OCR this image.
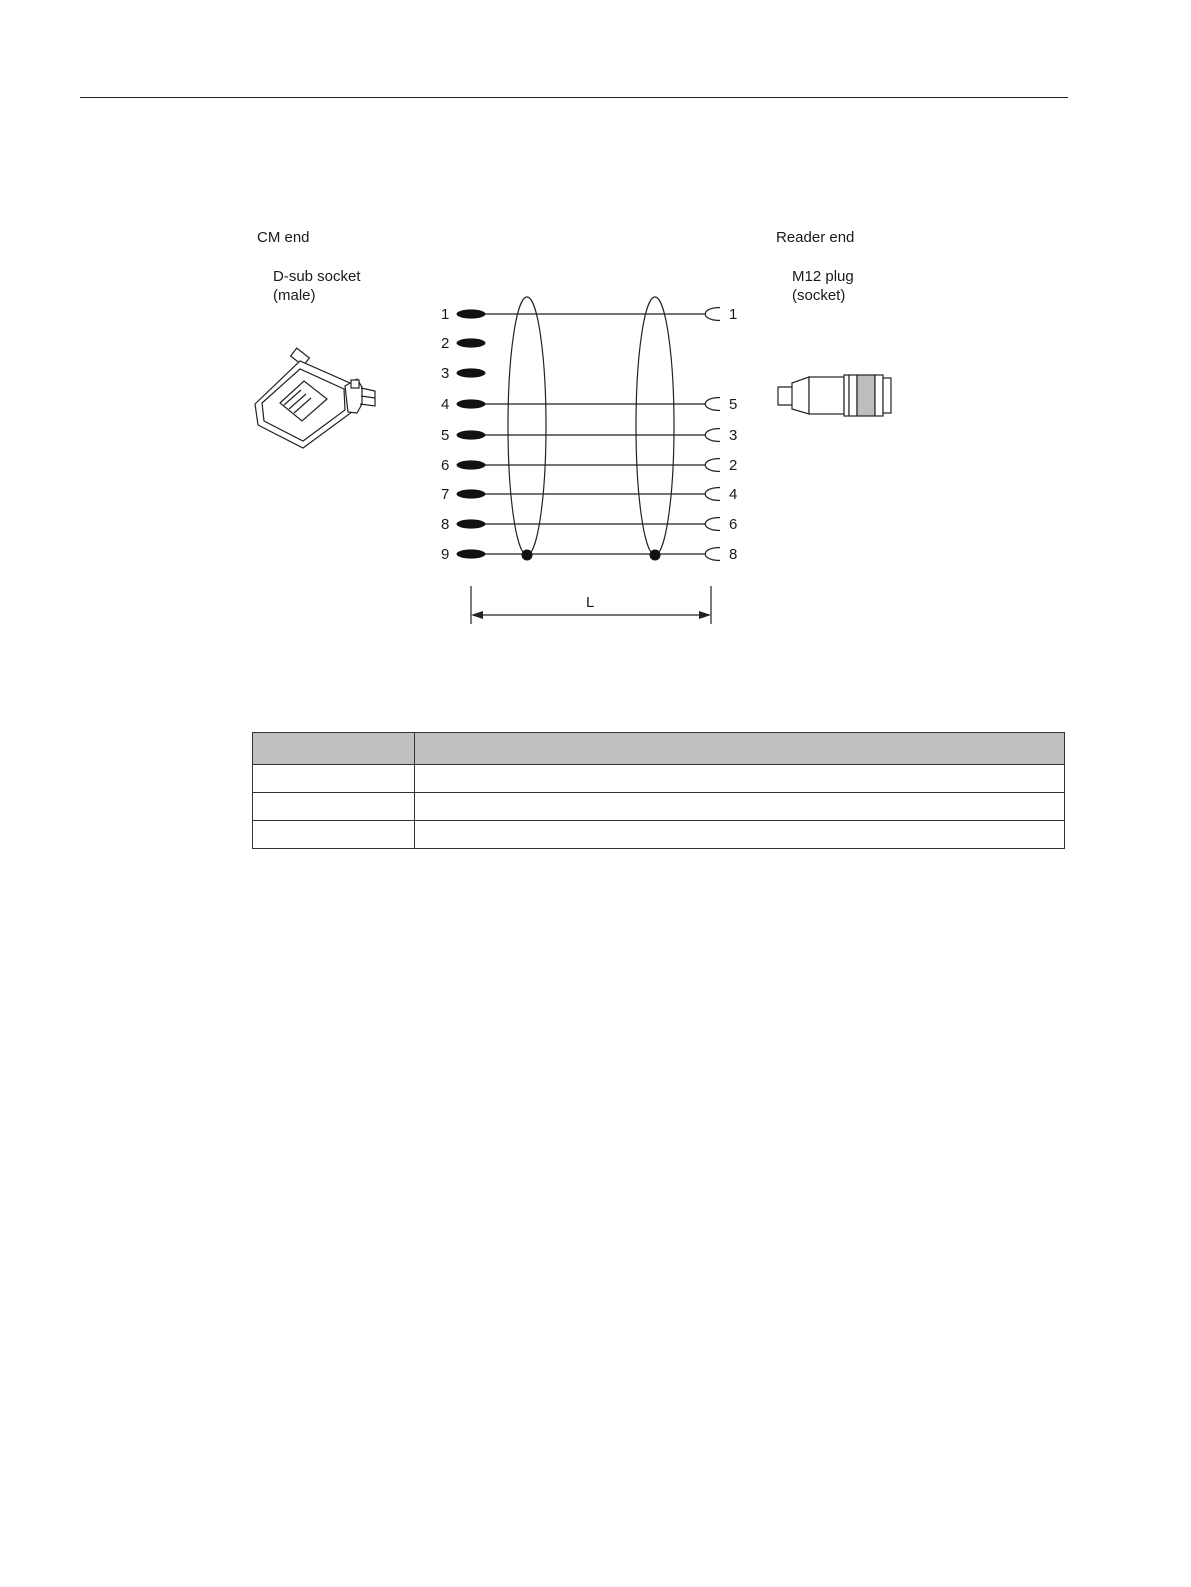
CM end
D-sub socket
(male)
Reader end
M12 plug
(socket)
1
2
3
4
5
6
7
8
9
1
5
3
2
4
6
8
L
